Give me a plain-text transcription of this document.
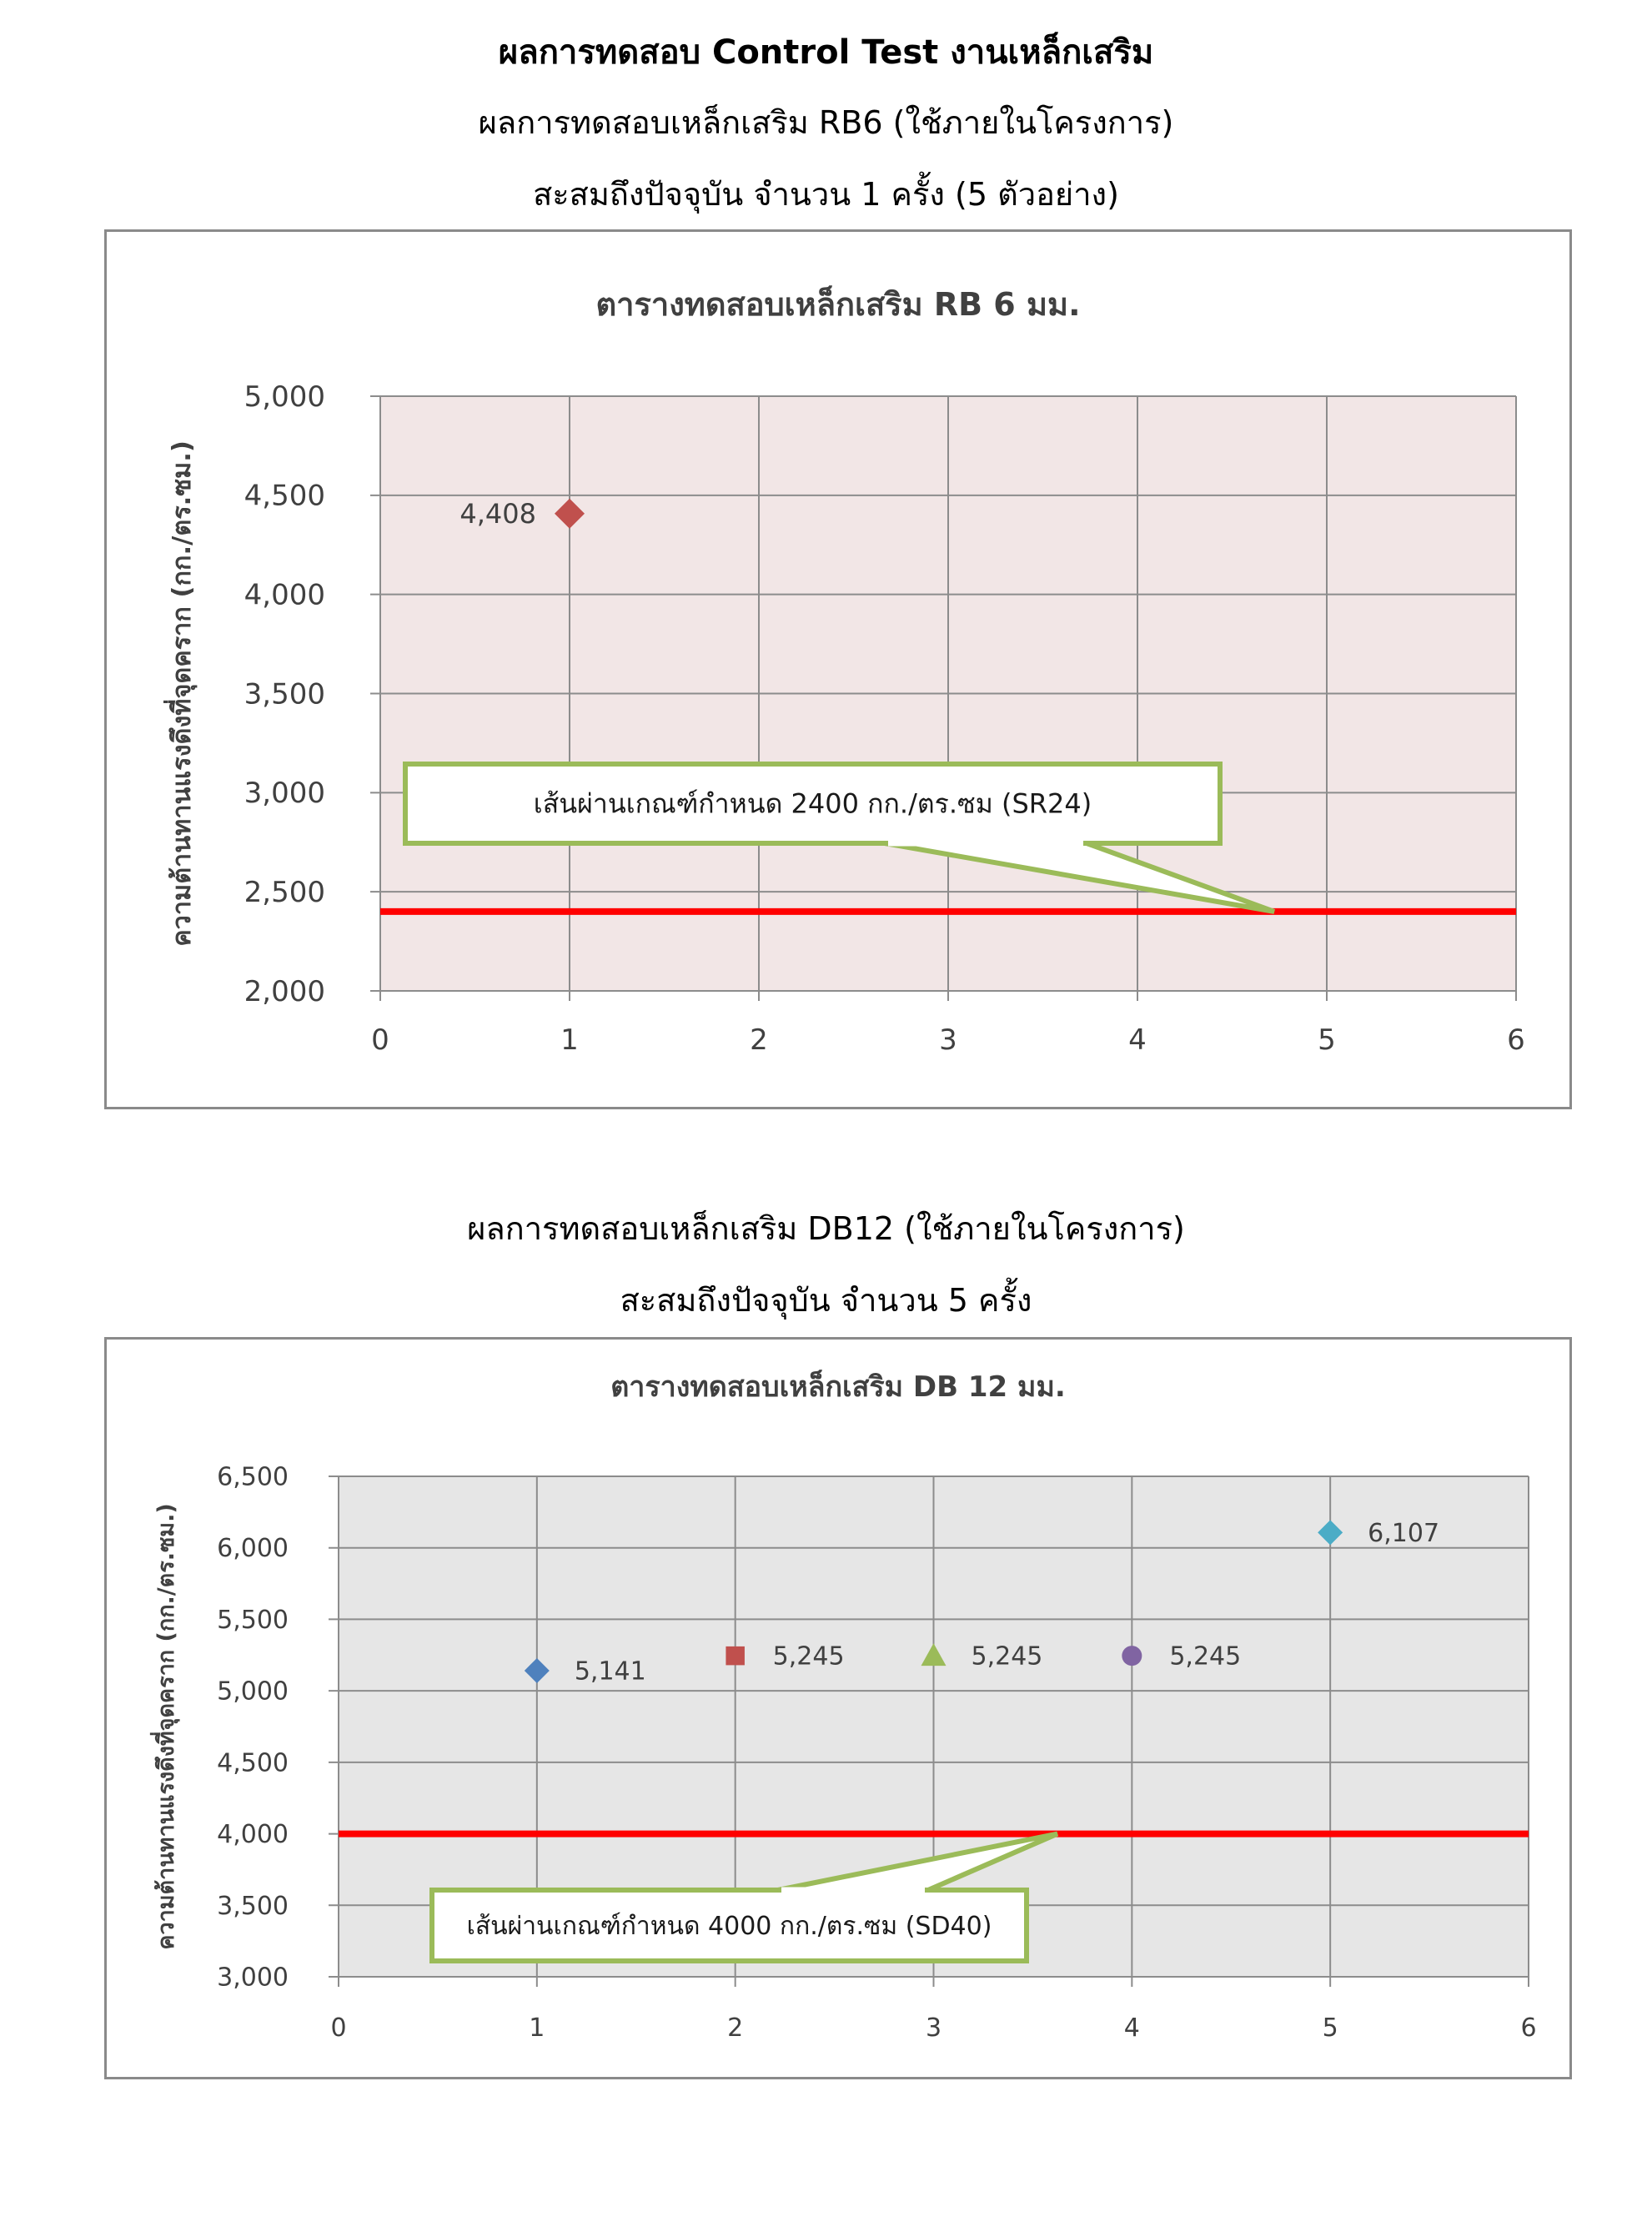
ผลการทดสอบ Control Test งานเหล็กเสริม
ผลการทดสอบเหล็กเสริม RB6 (ใช้ภายในโครงการ)
สะสมถึงปัจจุบัน จำนวน 1 ครั้ง (5 ตัวอย่าง)
ตารางทดสอบเหล็กเสริม RB 6 มม.
2,000
2,500
3,000
3,500
4,000
4,500
5,000
0	1	2	3	4	5	6
ความต้านทานแรงดึงที่จุดคราก (กก./ตร.ซม.)	เส้นผ่านเกณฑ์กำหนด 2400 กก./ตร.ซม (SR24)
4,408
ผลการทดสอบเหล็กเสริม DB12 (ใช้ภายในโครงการ)
สะสมถึงปัจจุบัน จำนวน 5 ครั้ง
ตารางทดสอบเหล็กเสริม DB 12 มม.
3,000
3,500
4,000
4,500
5,000
5,500
6,000
6,500
0	1	2	3	4	5	6
ความต้านทานแรงดึงที่จุดคราก (กก./ตร.ซม.)	เส้นผ่านเกณฑ์กำหนด 4000 กก./ตร.ซม (SD40)
5,141
5,245	5,245	5,245
6,107
